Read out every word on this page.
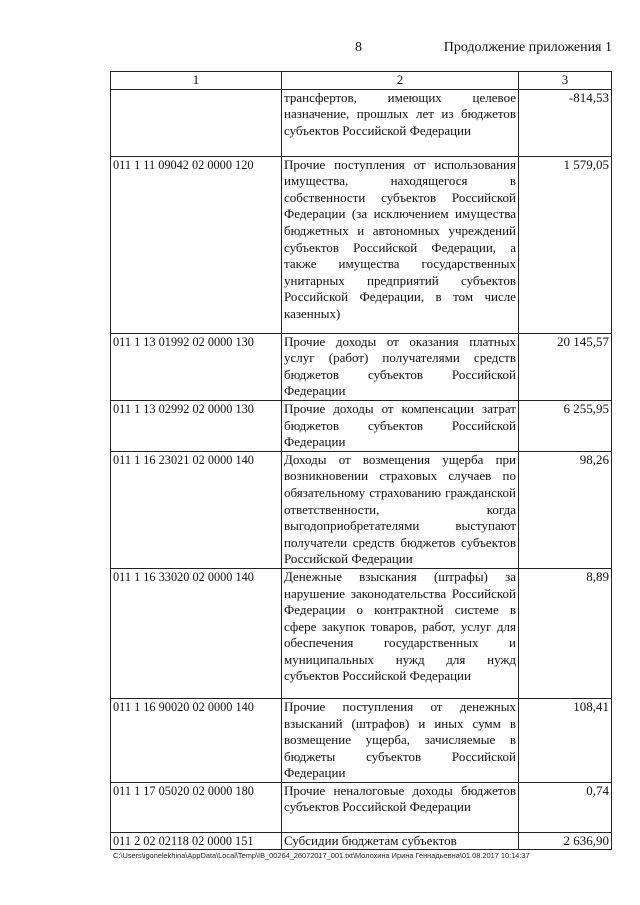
8	Продолжение приложения 1
1	2	3
	трансфертов, имеющих целевое назначение, прошлых лет из бюджетов субъектов Российской Федерации	-814,53
011 1 11 09042 02 0000 120	Прочие поступления от использования имущества, находящегося в собственности субъектов Российской Федерации (за исключением имущества бюджетных и автономных учреждений субъектов Российской Федерации, а также имущества государственных унитарных предприятий субъектов Российской Федерации, в том числе казенных)	1 579,05
011 1 13 01992 02 0000 130	Прочие доходы от оказания платных услуг (работ) получателями средств бюджетов субъектов Российской Федерации	20 145,57
011 1 13 02992 02 0000 130	Прочие доходы от компенсации затрат бюджетов субъектов Российской Федерации	6 255,95
011 1 16 23021 02 0000 140	Доходы от возмещения ущерба при возникновении страховых случаев по обязательному страхованию гражданской ответственности, когда выгодоприобретателями выступают получатели средств бюджетов субъектов Российской Федерации	98,26
011 1 16 33020 02 0000 140	Денежные взыскания (штрафы) за нарушение законодательства Российской Федерации о контрактной системе в сфере закупок товаров, работ, услуг для обеспечения государственных и муниципальных нужд для нужд субъектов Российской Федерации	8,89
011 1 16 90020 02 0000 140	Прочие поступления от денежных взысканий (штрафов) и иных сумм в возмещение ущерба, зачисляемые в бюджеты субъектов Российской Федерации	108,41
011 1 17 05020 02 0000 180	Прочие неналоговые доходы бюджетов субъектов Российской Федерации	0,74
011 2 02 02118 02 0000 151	Субсидии бюджетам субъектов	2 636,90
C:\Users\igonelekhina\AppData\Local\Temp\IB_00264_26072017_001.txt\Молохина Ирина Геннадьевна\01.08.2017 10:14:37
